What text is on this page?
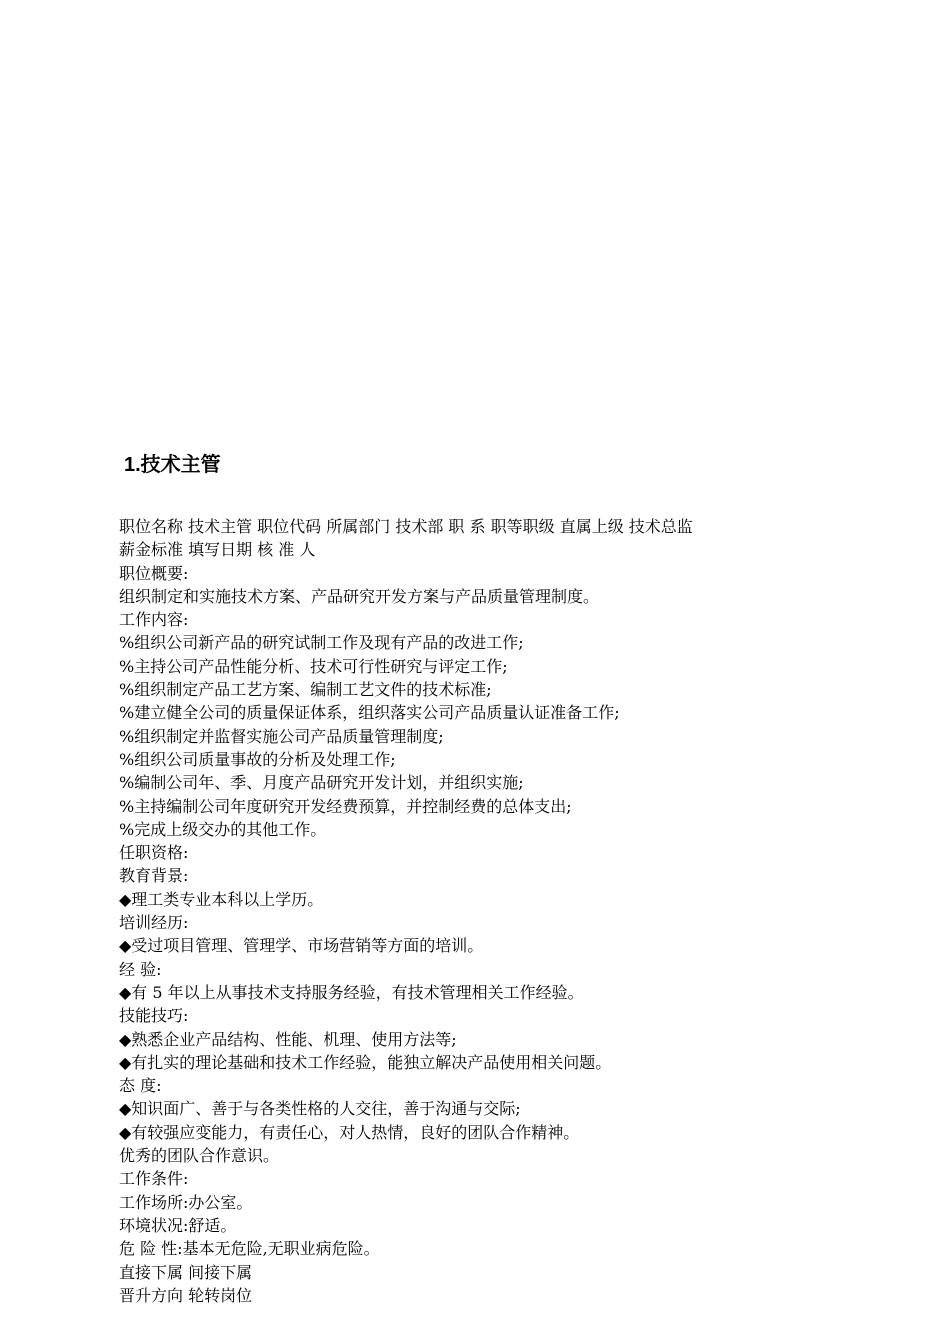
1.技术主管
职位名称 技术主管 职位代码 所属部门 技术部 职 系 职等职级 直属上级 技术总监
薪金标准 填写日期 核 准 人
职位概要:
组织制定和实施技术方案、产品研究开发方案与产品质量管理制度。
工作内容:
%组织公司新产品的研究试制工作及现有产品的改进工作;
%主持公司产品性能分析、技术可行性研究与评定工作;
%组织制定产品工艺方案、编制工艺文件的技术标准;
%建立健全公司的质量保证体系，组织落实公司产品质量认证准备工作;
%组织制定并监督实施公司产品质量管理制度;
%组织公司质量事故的分析及处理工作;
%编制公司年、季、月度产品研究开发计划，并组织实施;
%主持编制公司年度研究开发经费预算，并控制经费的总体支出;
%完成上级交办的其他工作。
任职资格:
教育背景:
◆理工类专业本科以上学历。
培训经历:
◆受过项目管理、管理学、市场营销等方面的培训。
经 验:
◆有 5 年以上从事技术支持服务经验，有技术管理相关工作经验。
技能技巧:
◆熟悉企业产品结构、性能、机理、使用方法等;
◆有扎实的理论基础和技术工作经验，能独立解决产品使用相关问题。
态 度:
◆知识面广、善于与各类性格的人交往，善于沟通与交际;
◆有较强应变能力，有责任心，对人热情，良好的团队合作精神。
优秀的团队合作意识。
工作条件:
工作场所:办公室。
环境状况:舒适。
危 险 性:基本无危险,无职业病危险。
直接下属 间接下属
晋升方向 轮转岗位
